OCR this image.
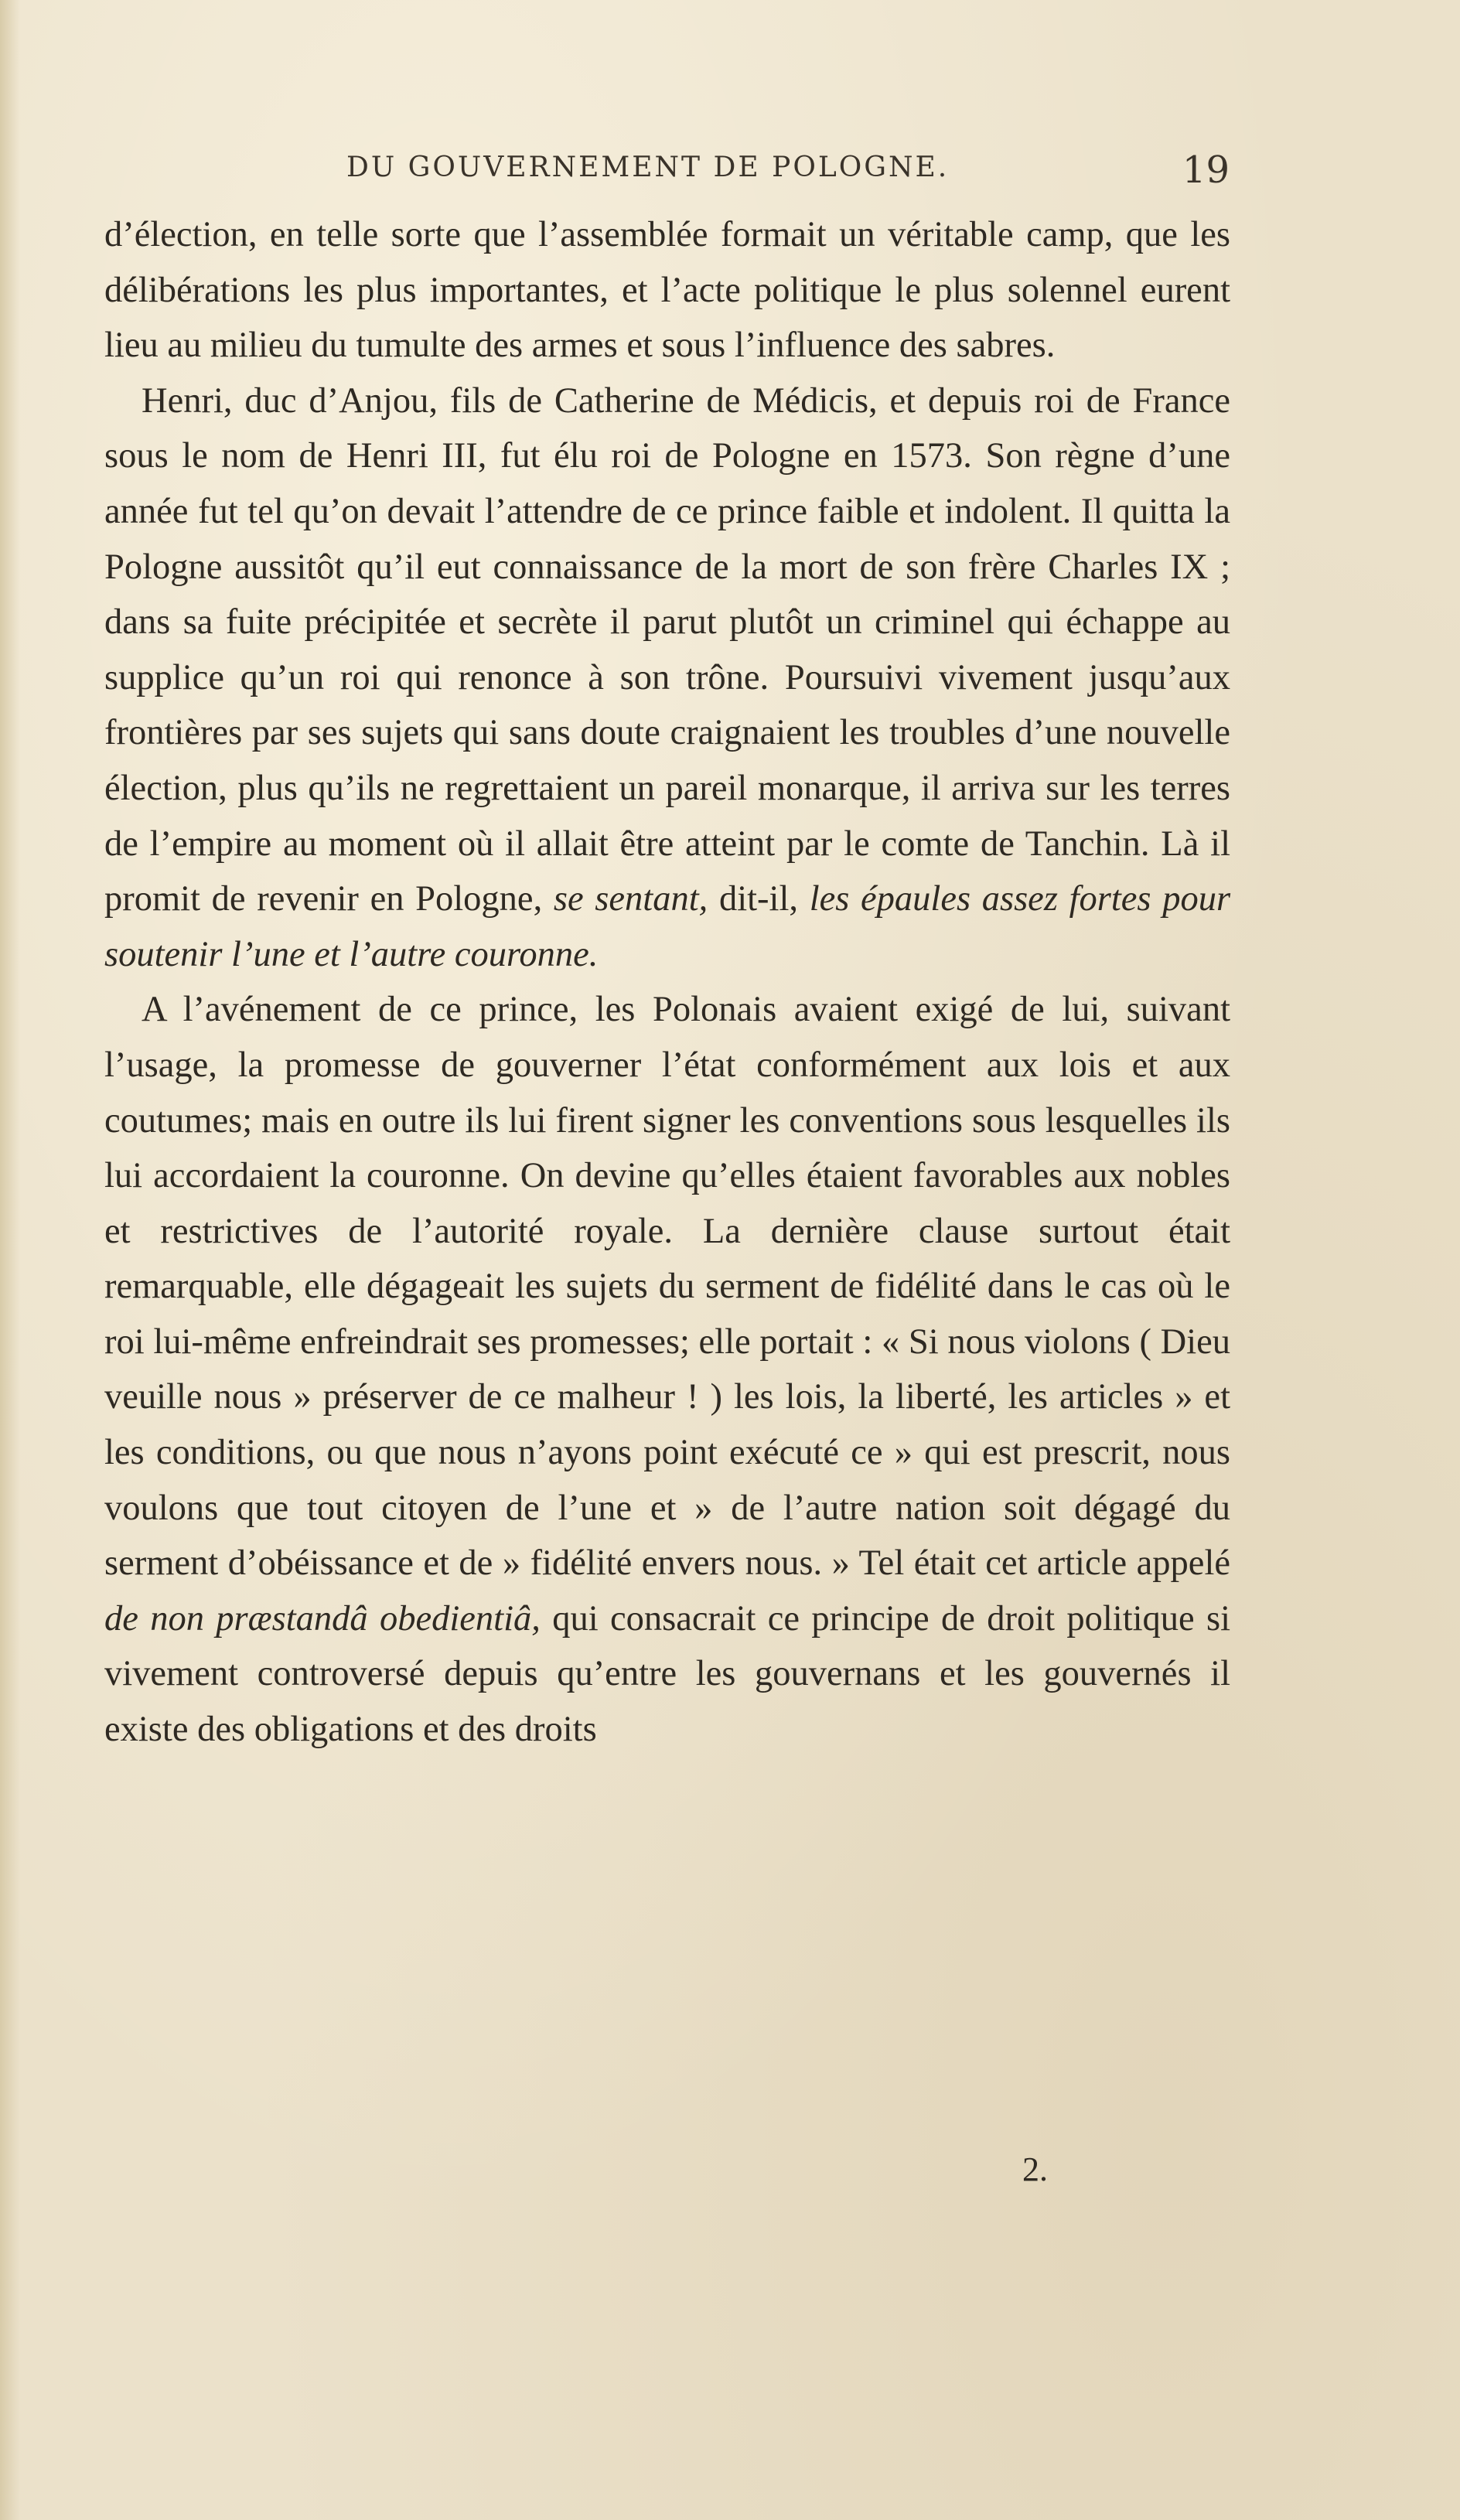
DU GOUVERNEMENT DE POLOGNE.	19

d’élection, en telle sorte que l’assemblée formait un véritable camp, que les délibérations les plus importantes, et l’acte politique le plus solennel eurent lieu au milieu du tumulte des armes et sous l’influence des sabres.

Henri, duc d’Anjou, fils de Catherine de Médicis, et depuis roi de France sous le nom de Henri III, fut élu roi de Pologne en 1573. Son règne d’une année fut tel qu’on devait l’attendre de ce prince faible et indolent. Il quitta la Pologne aussitôt qu’il eut connaissance de la mort de son frère Charles IX ; dans sa fuite précipitée et secrète il parut plutôt un criminel qui échappe au supplice qu’un roi qui renonce à son trône. Poursuivi vivement jusqu’aux frontières par ses sujets qui sans doute craignaient les troubles d’une nouvelle élection, plus qu’ils ne regrettaient un pareil monarque, il arriva sur les terres de l’empire au moment où il allait être atteint par le comte de Tanchin. Là il promit de revenir en Pologne, se sentant, dit-il, les épaules assez fortes pour soutenir l’une et l’autre couronne.

A l’avénement de ce prince, les Polonais avaient exigé de lui, suivant l’usage, la promesse de gouverner l’état conformément aux lois et aux coutumes; mais en outre ils lui firent signer les conventions sous lesquelles ils lui accordaient la couronne. On devine qu’elles étaient favorables aux nobles et restrictives de l’autorité royale. La dernière clause surtout était remarquable, elle dégageait les sujets du serment de fidélité dans le cas où le roi lui-même enfreindrait ses promesses; elle portait : « Si nous violons ( Dieu veuille nous » préserver de ce malheur ! ) les lois, la liberté, les articles » et les conditions, ou que nous n’ayons point exécuté ce » qui est prescrit, nous voulons que tout citoyen de l’une et » de l’autre nation soit dégagé du serment d’obéissance et de » fidélité envers nous. » Tel était cet article appelé de non præstandâ obedientiâ, qui consacrait ce principe de droit politique si vivement controversé depuis qu’entre les gouvernans et les gouvernés il existe des obligations et des droits

2.
